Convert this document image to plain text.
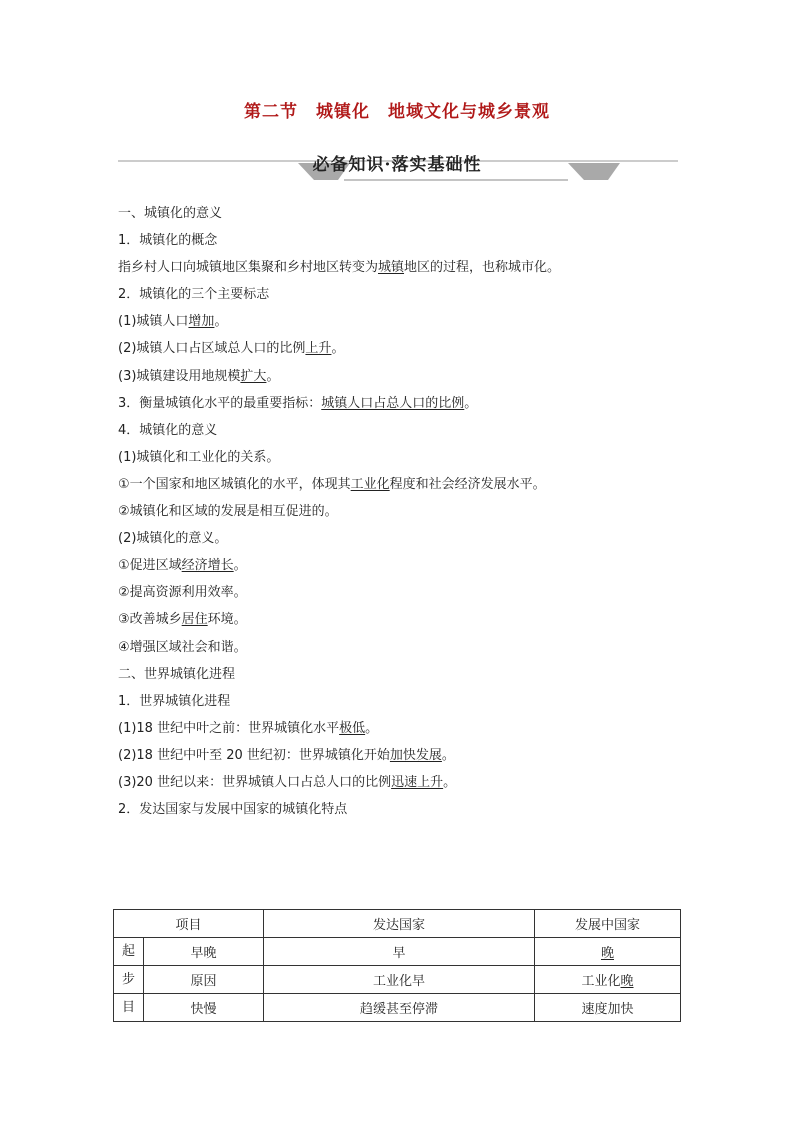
第二节　城镇化　地域文化与城乡景观
必备知识·落实基础性
一、城镇化的意义
1．城镇化的概念
指乡村人口向城镇地区集聚和乡村地区转变为城镇地区的过程，也称城市化。
2．城镇化的三个主要标志
(1)城镇人口增加。
(2)城镇人口占区域总人口的比例上升。
(3)城镇建设用地规模扩大。
3．衡量城镇化水平的最重要指标：城镇人口占总人口的比例。
4．城镇化的意义
(1)城镇化和工业化的关系。
①一个国家和地区城镇化的水平，体现其工业化程度和社会经济发展水平。
②城镇化和区域的发展是相互促进的。
(2)城镇化的意义。
①促进区域经济增长。
②提高资源利用效率。
③改善城乡居住环境。
④增强区域社会和谐。
二、世界城镇化进程
1．世界城镇化进程
(1)18 世纪中叶之前：世界城镇化水平极低。
(2)18 世纪中叶至 20 世纪初：世界城镇化开始加快发展。
(3)20 世纪以来：世界城镇人口占总人口的比例迅速上升。
2．发达国家与发展中国家的城镇化特点
项目		发达国家	发展中国家
起	早晚	早	晚
步	原因	工业化早	工业化晚
目	快慢	趋缓甚至停滞	速度加快
